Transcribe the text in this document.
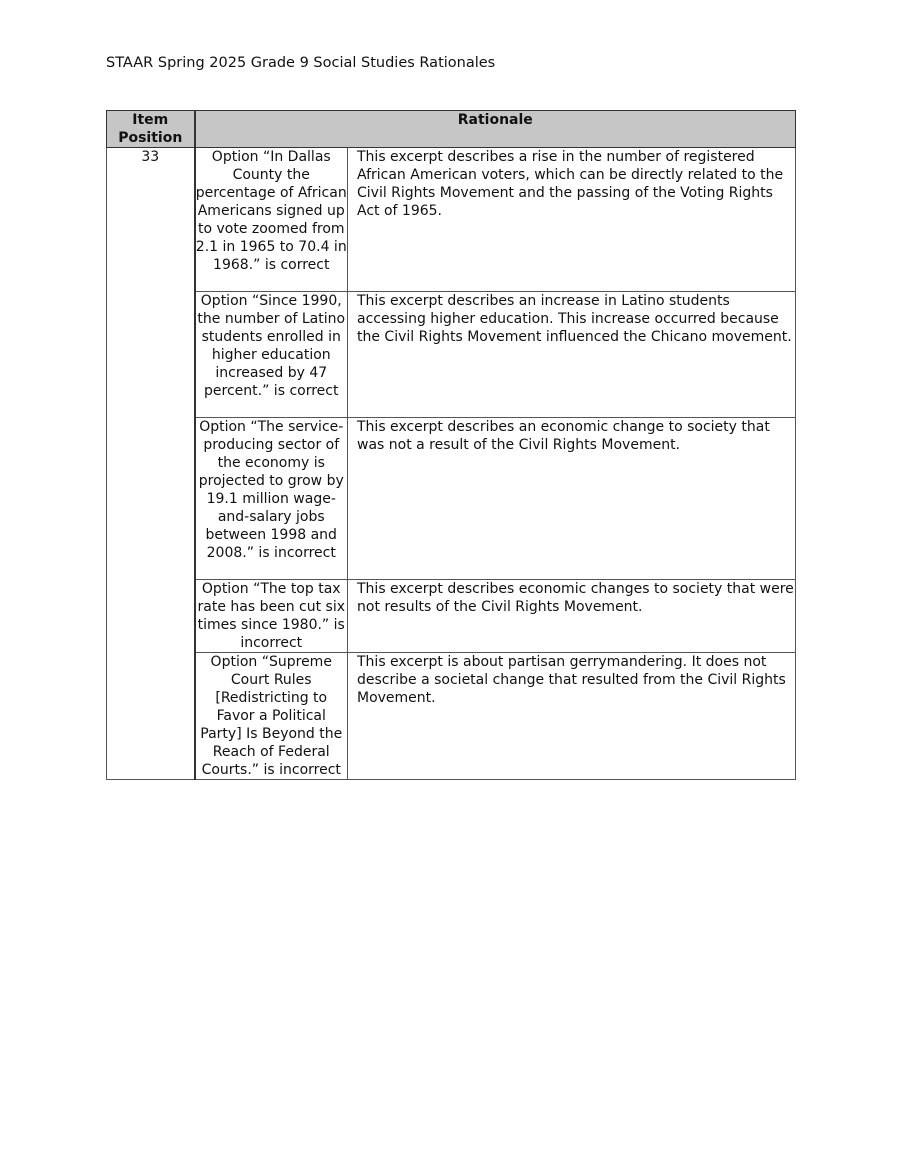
STAAR Spring 2025 Grade 9 Social Studies Rationales
Item Position	Rationale	
33	Option “In Dallas County the percentage of African Americans signed up to vote zoomed from 2.1 in 1965 to 70.4 in 1968.” is correct	This excerpt describes a rise in the number of registered African American voters, which can be directly related to the Civil Rights Movement and the passing of the Voting Rights Act of 1965.
	Option “Since 1990, the number of Latino students enrolled in higher education increased by 47 percent.” is correct	This excerpt describes an increase in Latino students accessing higher education. This increase occurred because the Civil Rights Movement influenced the Chicano movement.
	Option “The service-producing sector of the economy is projected to grow by 19.1 million wage-and-salary jobs between 1998 and 2008.” is incorrect	This excerpt describes an economic change to society that was not a result of the Civil Rights Movement.
	Option “The top tax rate has been cut six times since 1980.” is incorrect	This excerpt describes economic changes to society that were not results of the Civil Rights Movement.
	Option “Supreme Court Rules [Redistricting to Favor a Political Party] Is Beyond the Reach of Federal Courts.” is incorrect	This excerpt is about partisan gerrymandering. It does not describe a societal change that resulted from the Civil Rights Movement.
